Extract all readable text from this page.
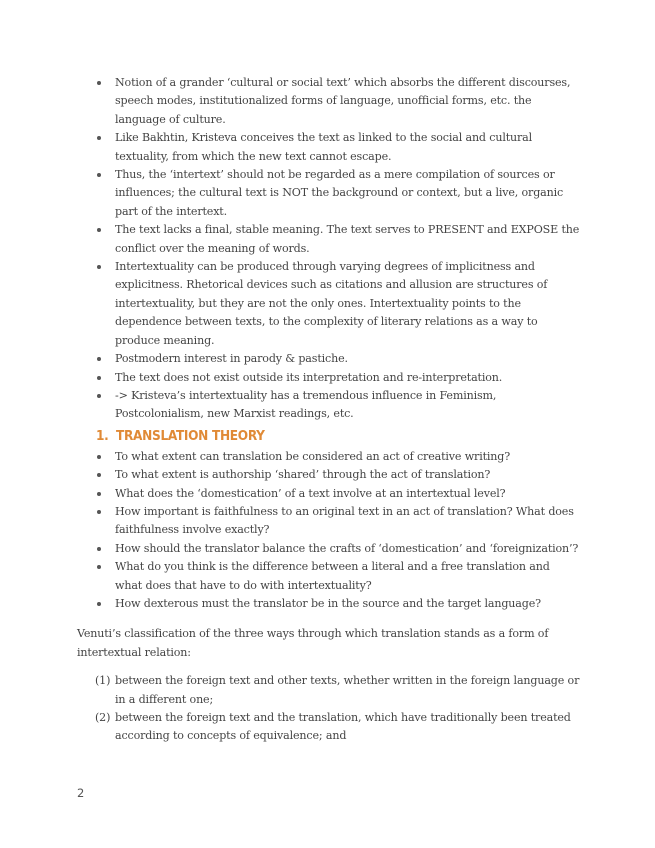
Notion of a grander ‘cultural or social text’ which absorbs the different discourses, speech modes, institutionalized forms of language, unofficial forms, etc. the language of culture.
Like Bakhtin, Kristeva conceives the text as linked to the social and cultural textuality, from which the new text cannot escape.
Thus, the ‘intertext’ should not be regarded as a mere compilation of sources or influences; the cultural text is NOT the background or context, but a live, organic part of the intertext.
The text lacks a final, stable meaning. The text serves to PRESENT and EXPOSE the conflict over the meaning of words.
Intertextuality can be produced through varying degrees of implicitness and explicitness. Rhetorical devices such as citations and allusion are structures of intertextuality, but they are not the only ones. Intertextuality points to the dependence between texts, to the complexity of literary relations as a way to produce meaning.
Postmodern interest in parody & pastiche.
The text does not exist outside its interpretation and re-interpretation.
-> Kristeva’s intertextuality has a tremendous influence in Feminism, Postcolonialism, new Marxist readings, etc.
1. TRANSLATION THEORY
To what extent can translation be considered an act of creative writing?
To what extent is authorship ‘shared’ through the act of translation?
What does the ‘domestication’ of a text involve at an intertextual level?
How important is faithfulness to an original text in an act of translation? What does faithfulness involve exactly?
How should the translator balance the crafts of ‘domestication’ and ‘foreignization’?
What do you think is the difference between a literal and a free translation and what does that have to do with intertextuality?
How dexterous must the translator be in the source and the target language?

Venuti’s classification of the three ways through which translation stands as a form of intertextual relation:

(1) between the foreign text and other texts, whether written in the foreign language or in a different one;
(2) between the foreign text and the translation, which have traditionally been treated according to concepts of equivalence; and
2
